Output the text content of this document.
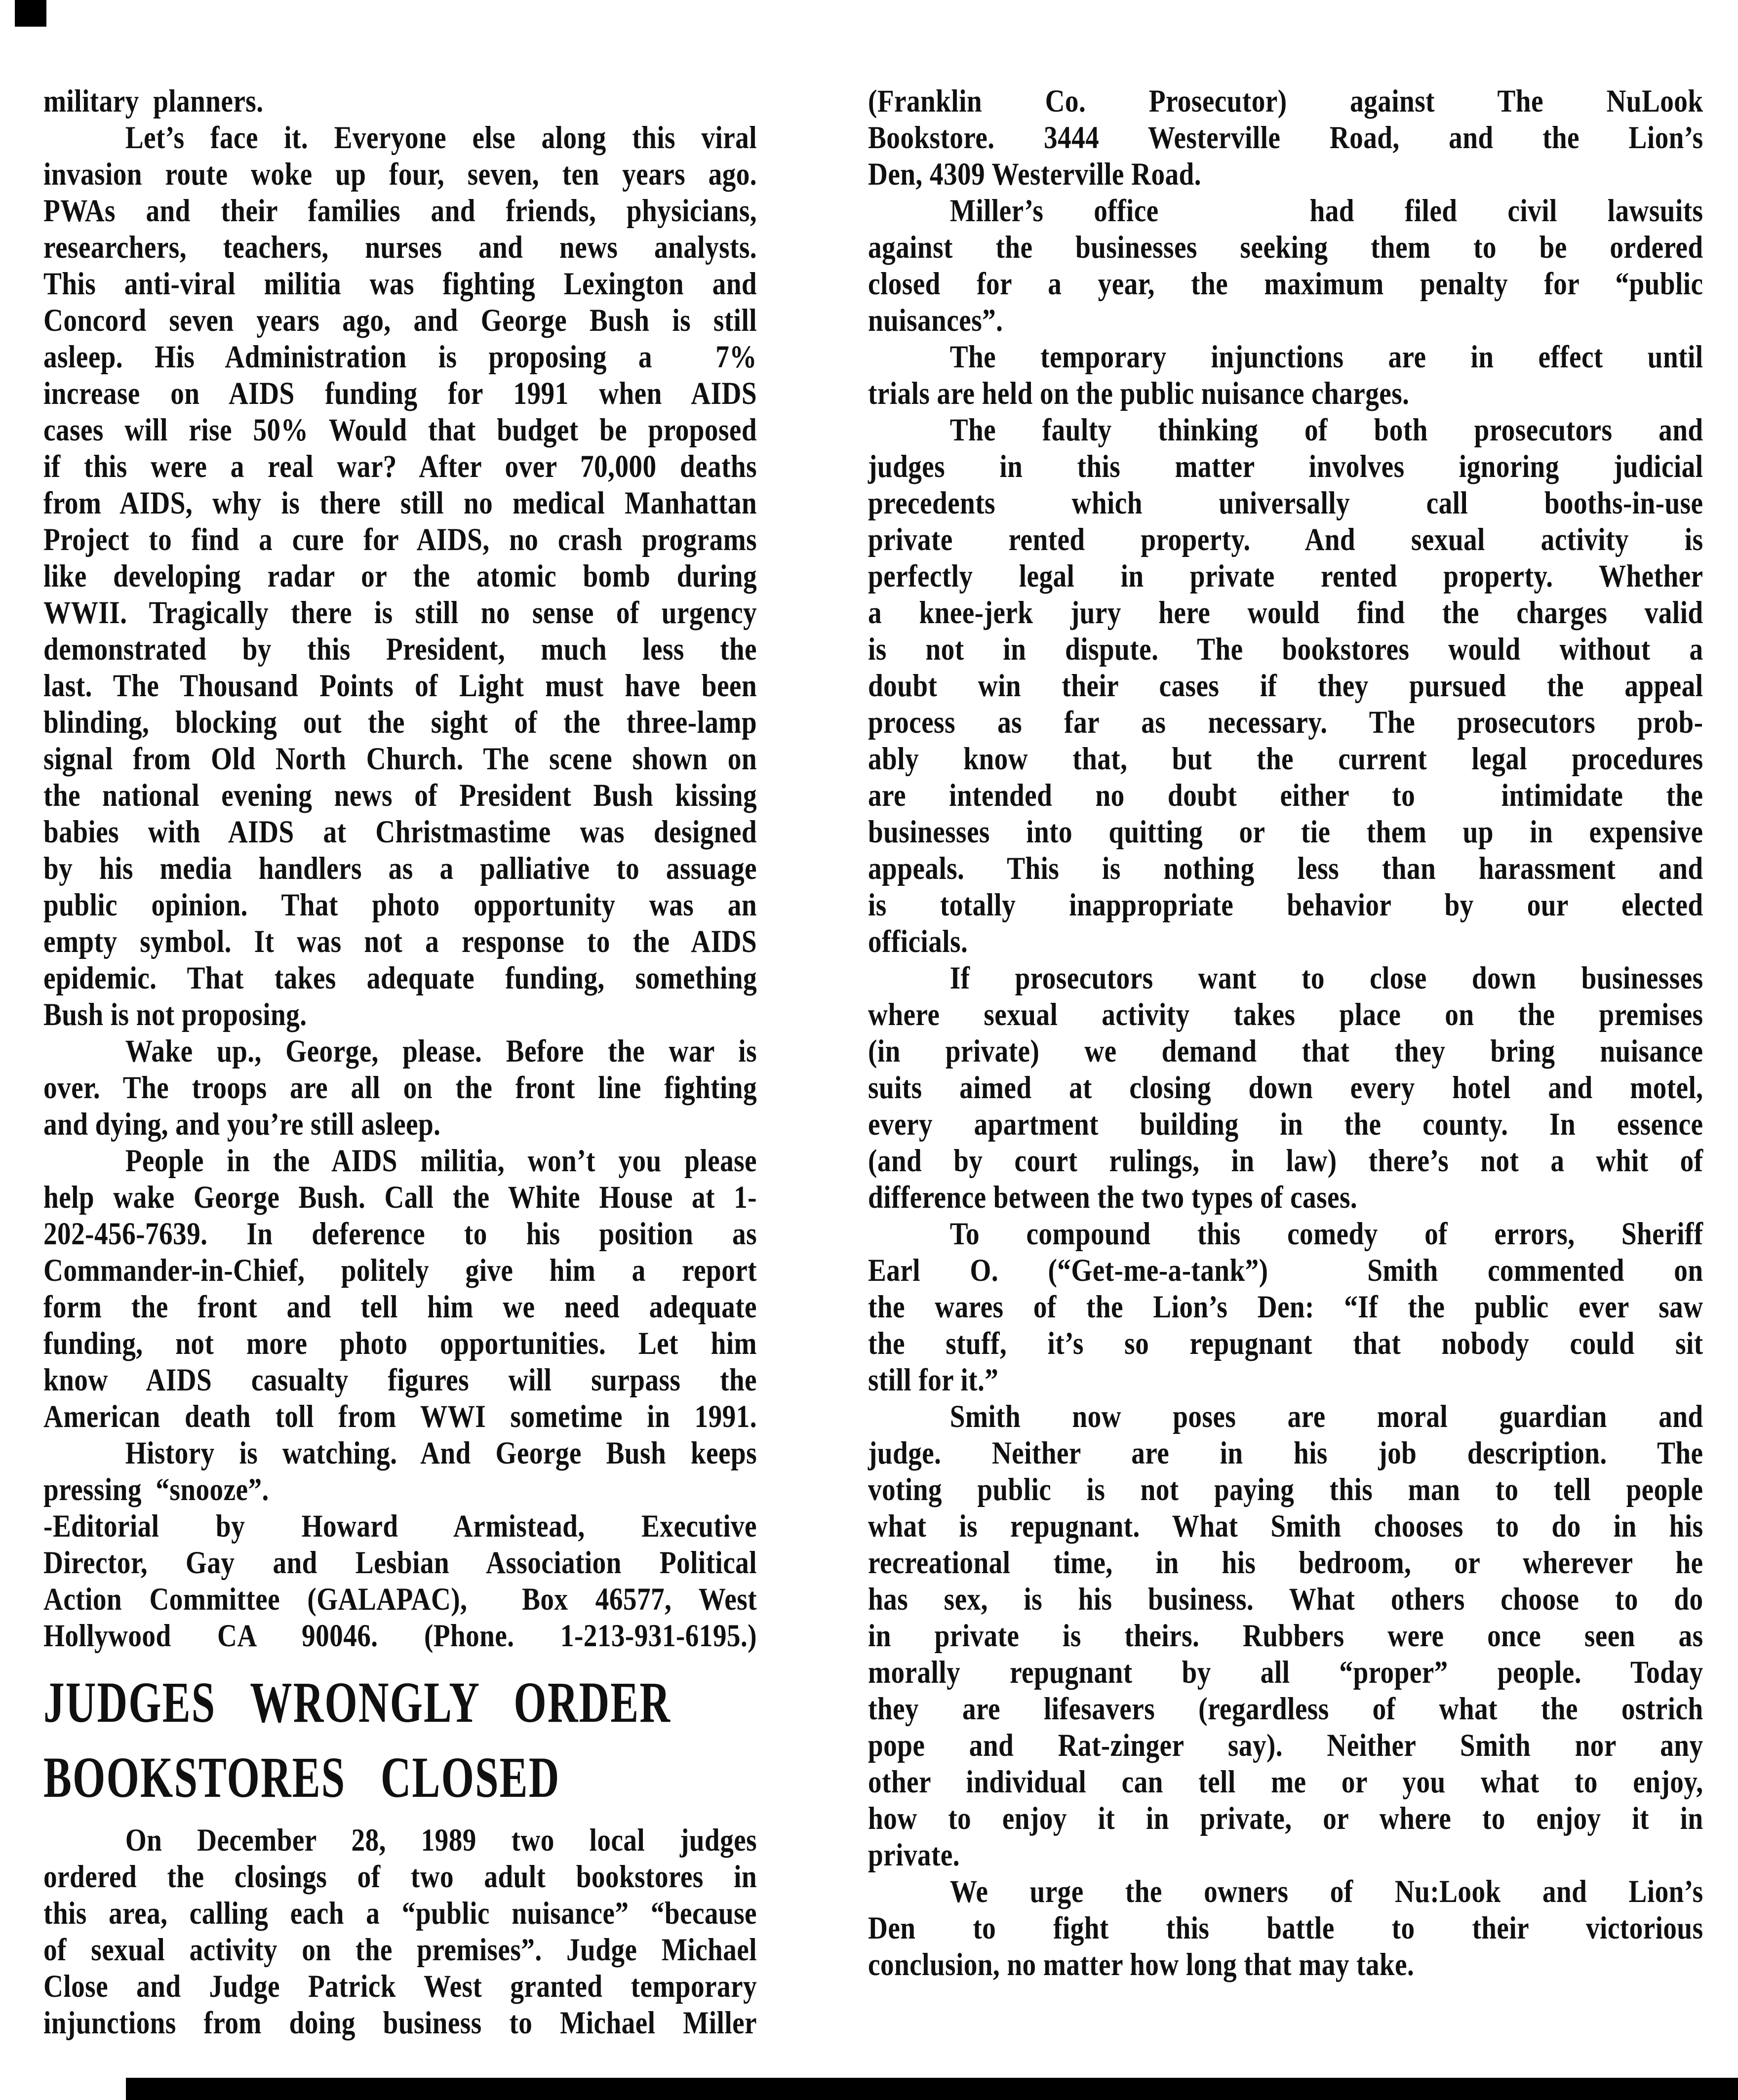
military  planners.
Let’s face it. Everyone else along this viral
invasion route woke up four, seven, ten years ago.
PWAs and their families and friends, physicians,
researchers, teachers, nurses and news analysts.
This anti-viral militia was fighting Lexington and
Concord seven years ago, and George Bush is still
asleep. His Administration is proposing a  7%
increase on AIDS funding for 1991 when AIDS
cases will rise 50% Would that budget be proposed
if this were a real war? After over 70,000 deaths
from AIDS, why is there still no medical Manhattan
Project to find a cure for AIDS, no crash programs
like developing radar or the atomic bomb during
WWII. Tragically there is still no sense of urgency
demonstrated by this President, much less the
last. The Thousand Points of Light must have been
blinding, blocking out the sight of the three-lamp
signal from Old North Church. The scene shown on
the national evening news of President Bush kissing
babies with AIDS at Christmastime was designed
by his media handlers as a palliative to assuage
public opinion. That photo opportunity was an
empty symbol. It was not a response to the AIDS
epidemic. That takes adequate funding, something
Bush is not proposing.
Wake up., George, please. Before the war is
over. The troops are all on the front line fighting
and dying, and you’re still asleep.
People in the AIDS militia, won’t you please
help wake George Bush. Call the White House at 1-
202-456-7639. In deference to his position as
Commander-in-Chief, politely give him a report
form the front and tell him we need adequate
funding, not more photo opportunities. Let him
know AIDS casualty figures will surpass the
American death toll from WWI sometime in 1991.
History is watching. And George Bush keeps
pressing  “snooze”.
-Editorial by Howard Armistead, Executive
Director, Gay and Lesbian Association Political
Action Committee (GALAPAC),  Box 46577, West
Hollywood CA 90046. (Phone. 1-213-931-6195.)
JUDGES WRONGLY ORDER
BOOKSTORES CLOSED
On December 28, 1989 two local judges
ordered the closings of two adult bookstores in
this area, calling each a “public nuisance” “because
of sexual activity on the premises”. Judge Michael
Close and Judge Patrick West granted temporary
injunctions from doing business to Michael Miller
(Franklin Co. Prosecutor) against The NuLook
Bookstore. 3444 Westerville Road, and the Lion’s
Den, 4309 Westerville Road.
Miller’s office   had filed civil lawsuits
against the businesses seeking them to be ordered
closed for a year, the maximum penalty for “public
nuisances”.
The temporary injunctions are in effect until
trials are held on the public nuisance charges.
The faulty thinking of both prosecutors and
judges in this matter involves ignoring judicial
precedents which universally call booths-in-use
private rented property. And sexual activity is
perfectly legal in private rented property. Whether
a knee-jerk jury here would find the charges valid
is not in dispute. The bookstores would without a
doubt win their cases if they pursued the appeal
process as far as necessary. The prosecutors prob-
ably know that, but the current legal procedures
are intended no doubt either to  intimidate the
businesses into quitting or tie them up in expensive
appeals. This is nothing less than harassment and
is totally inappropriate behavior by our elected
officials.
If prosecutors want to close down businesses
where sexual activity takes place on the premises
(in private) we demand that they bring nuisance
suits aimed at closing down every hotel and motel,
every apartment building in the county. In essence
(and by court rulings, in law) there’s not a whit of
difference between the two types of cases.
To compound this comedy of errors, Sheriff
Earl O. (“Get-me-a-tank”)  Smith commented on
the wares of the Lion’s Den: “If the public ever saw
the stuff, it’s so repugnant that nobody could sit
still for it.”
Smith now poses are moral guardian and
judge. Neither are in his job description. The
voting public is not paying this man to tell people
what is repugnant. What Smith chooses to do in his
recreational time, in his bedroom, or wherever he
has sex, is his business. What others choose to do
in private is theirs. Rubbers were once seen as
morally repugnant by all “proper” people. Today
they are lifesavers (regardless of what the ostrich
pope and Rat-zinger say). Neither Smith nor any
other individual can tell me or you what to enjoy,
how to enjoy it in private, or where to enjoy it in
private.
We urge the owners of Nu:Look and Lion’s
Den to fight this battle to their victorious
conclusion, no matter how long that may take.
